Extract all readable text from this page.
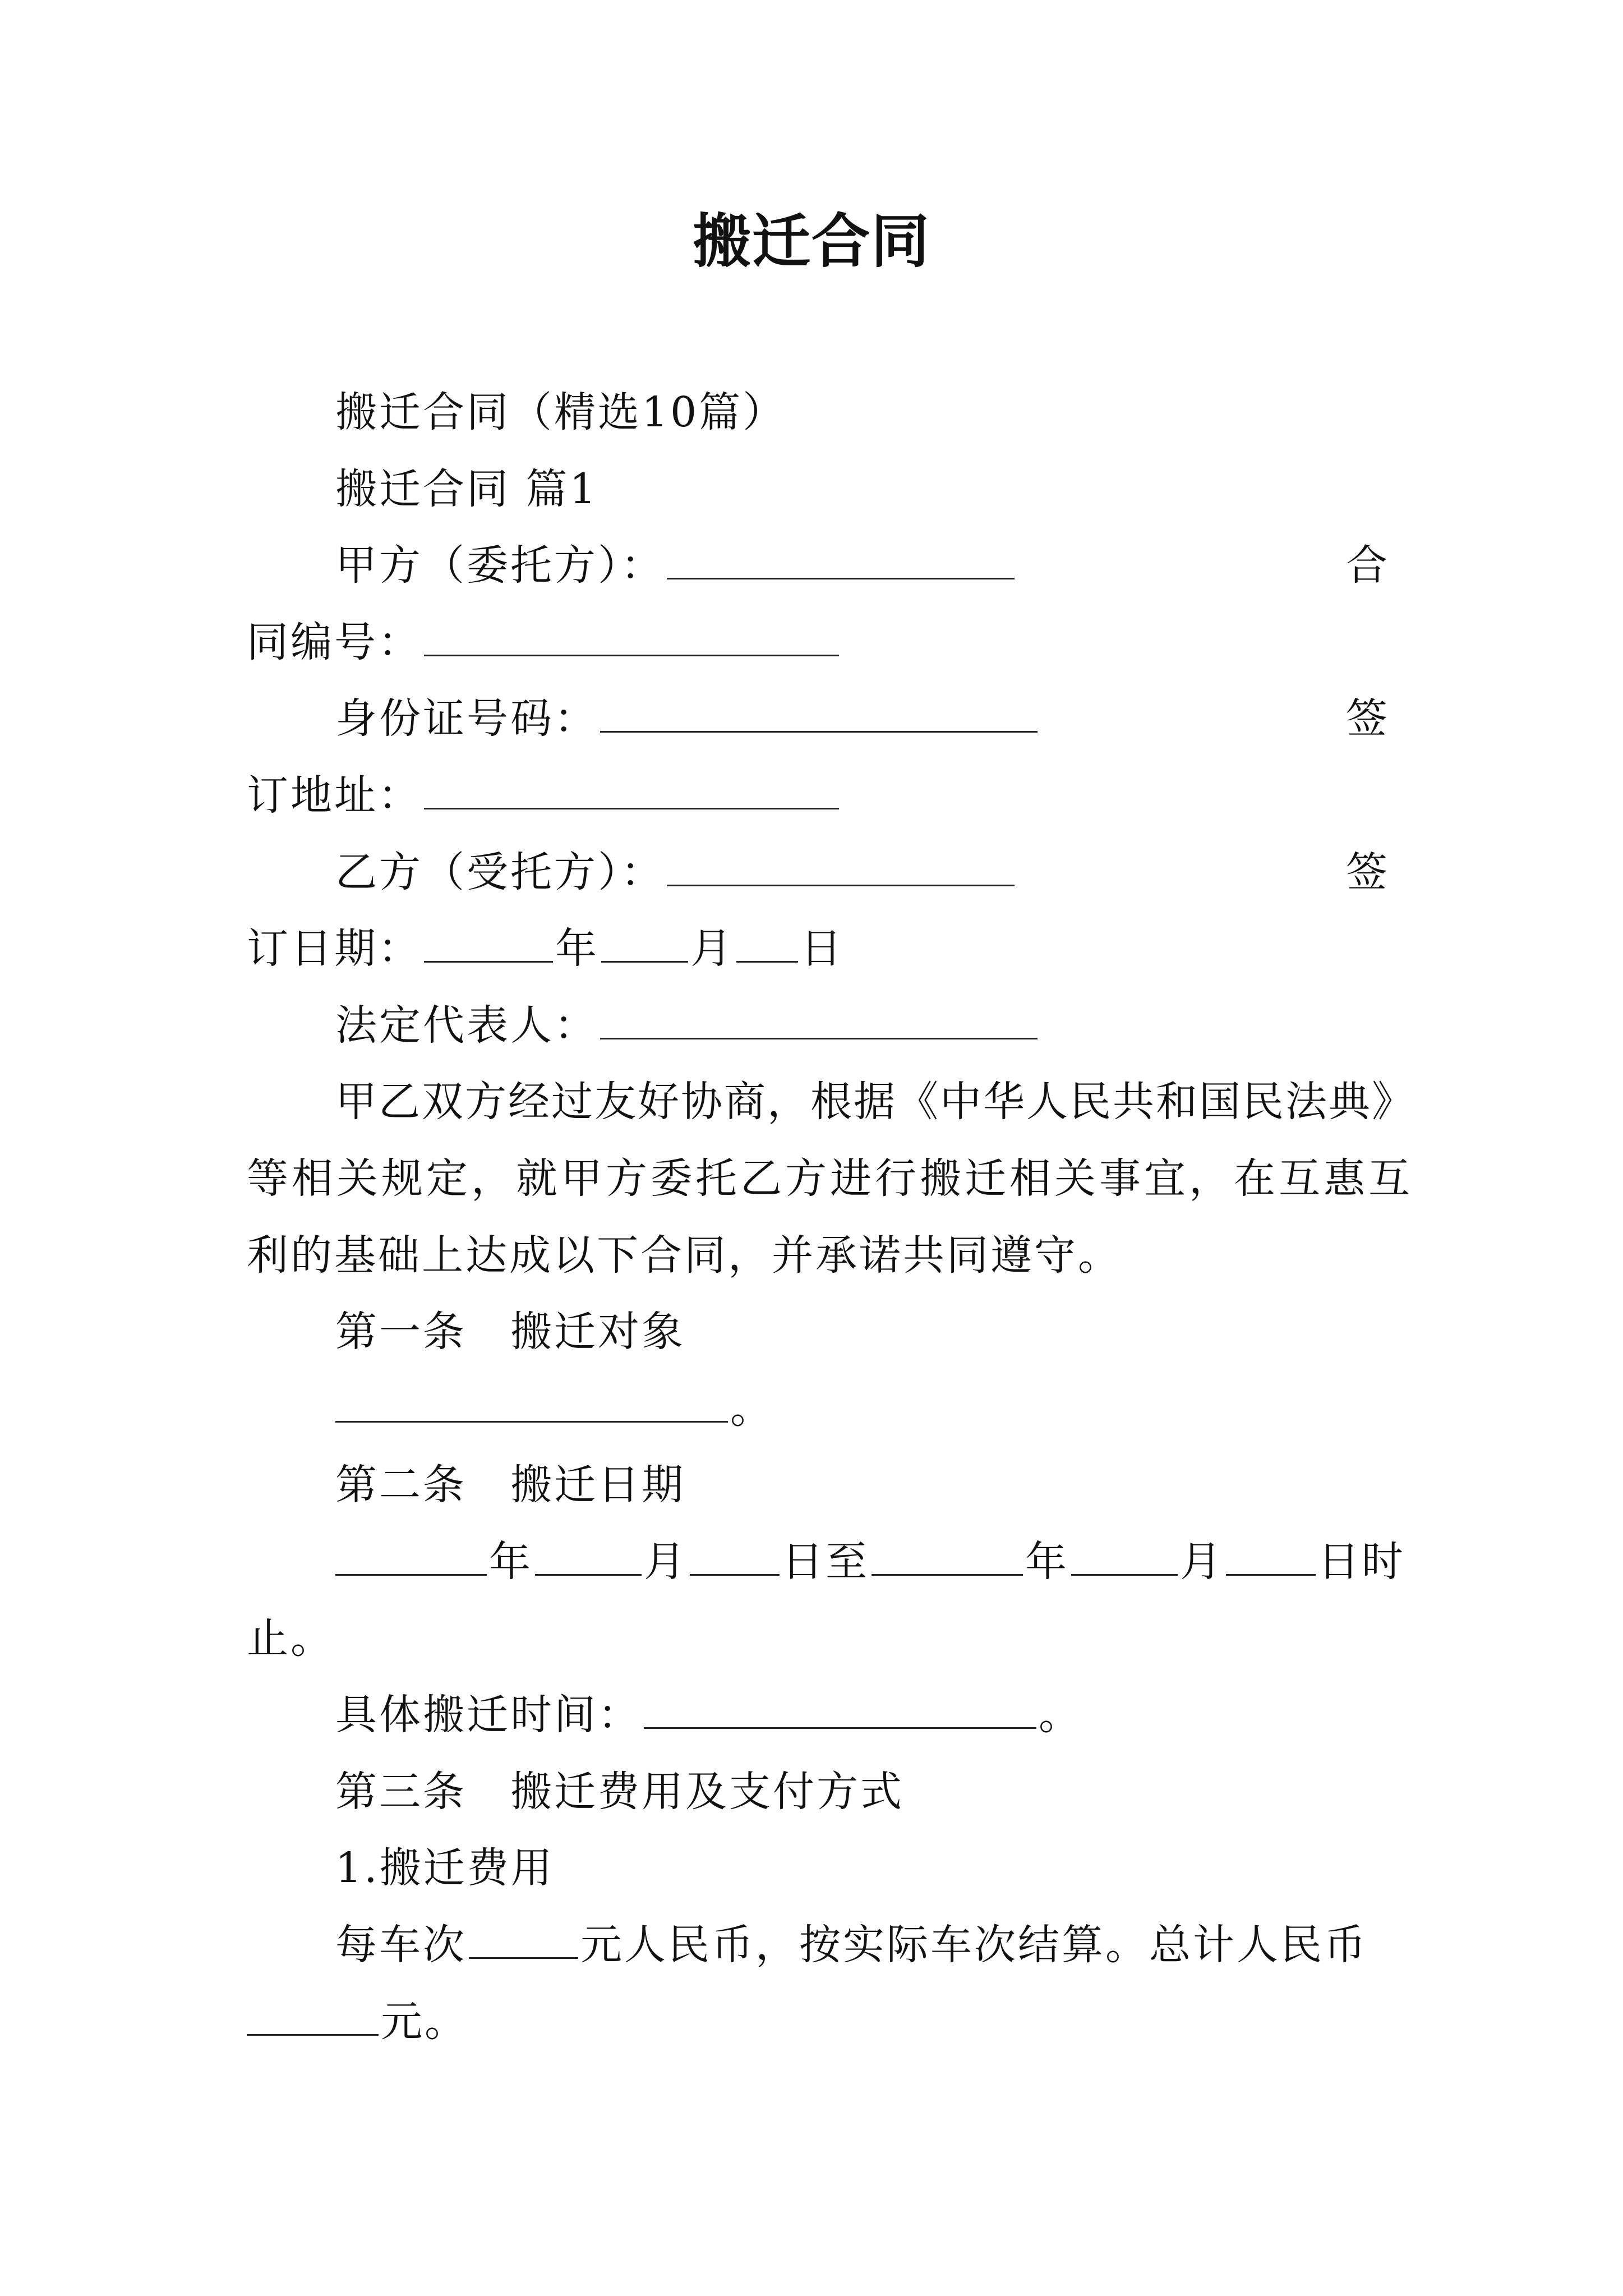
搬迁合同
搬迁合同（精选10篇）
搬迁合同 篇1
甲方（委托方）：	合
同编号：
身份证号码：	签
订地址：
乙方（受托方）：	签
订日期：	年 月 日
法定代表人：
甲乙双方经过友好协商，根据《中华人民共和国民法典》
等相关规定，就甲方委托乙方进行搬迁相关事宜，在互惠互
利的基础上达成以下合同，并承诺共同遵守。
第一条　搬迁对象
。
第二条　搬迁日期
年	月 日至	年	月 日时
止。
具体搬迁时间：	。
第三条　搬迁费用及支付方式
1.搬迁费用
每车次	元人民币，按实际车次结算。总计人民币
元。
